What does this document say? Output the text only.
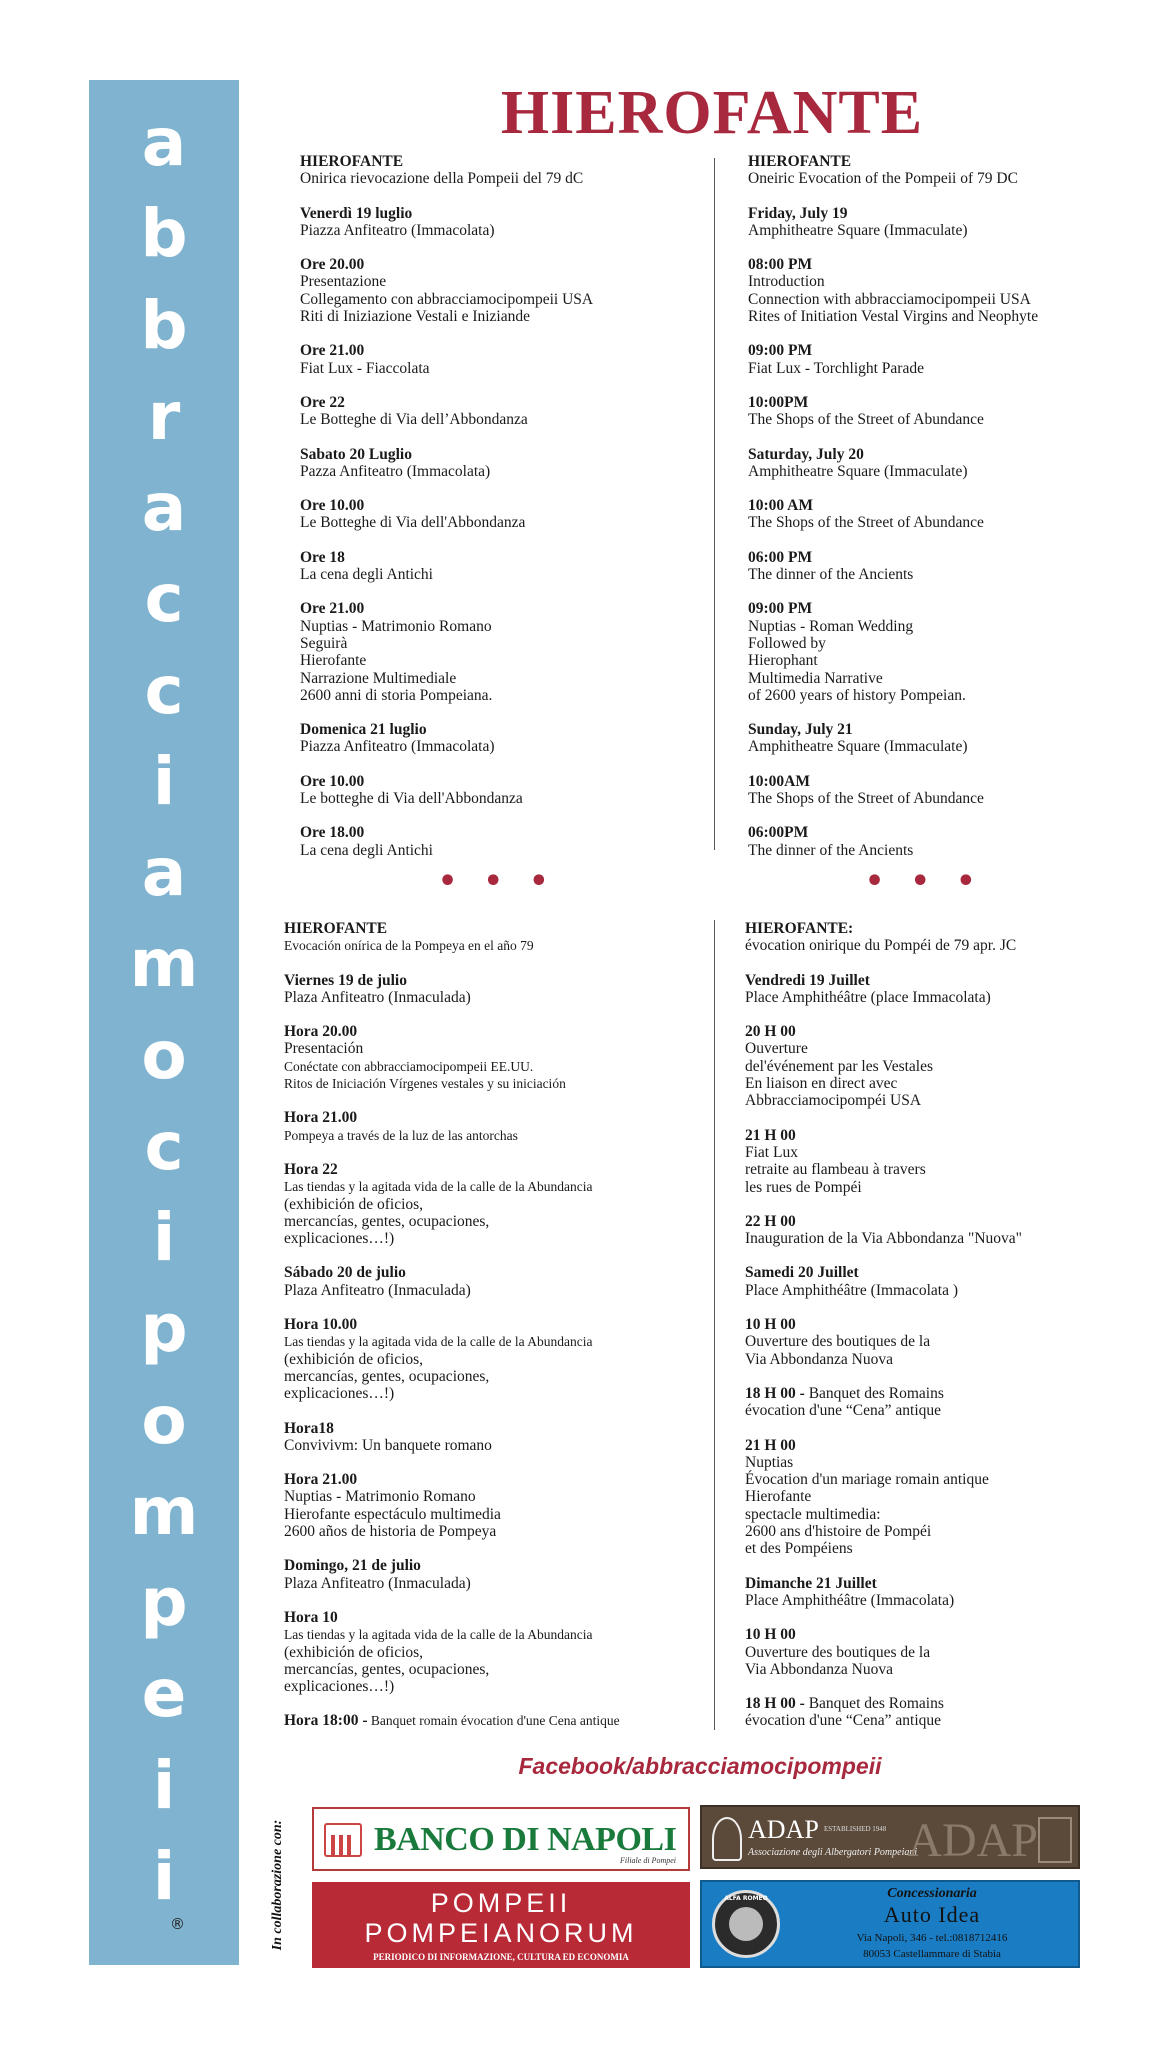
a
b
b
r
a
c
c
i
a
m
o
c
i
p
o
m
p
e
i
i
®
HIEROFANTE
HIEROFANTE
Onirica rievocazione della Pompeii del 79 dC
Venerdì 19 luglio
Piazza Anfiteatro (Immacolata)
Ore 20.00
Presentazione
Collegamento con abbracciamocipompeii USA
Riti di Iniziazione Vestali e Iniziande
Ore 21.00
Fiat Lux - Fiaccolata
Ore 22
Le Botteghe di Via dell’Abbondanza
Sabato 20 Luglio
Pazza Anfiteatro (Immacolata)
Ore 10.00
Le Botteghe di Via dell'Abbondanza
Ore 18
La cena degli Antichi
Ore 21.00
Nuptias - Matrimonio Romano
Seguirà
Hierofante
Narrazione Multimediale
2600 anni di storia Pompeiana.
Domenica 21 luglio
Piazza Anfiteatro (Immacolata)
Ore 10.00
Le botteghe di Via dell'Abbondanza
Ore 18.00
La cena degli Antichi
HIEROFANTE
Oneiric Evocation of the Pompeii of 79 DC
Friday, July 19
Amphitheatre Square (Immaculate)
08:00 PM
Introduction
Connection with abbracciamocipompeii USA
Rites of Initiation Vestal Virgins and Neophyte
09:00 PM
Fiat Lux - Torchlight Parade
10:00PM
The Shops of the Street of Abundance
Saturday, July 20
Amphitheatre Square (Immaculate)
10:00 AM
The Shops of the Street of Abundance
06:00 PM
The dinner of the Ancients
09:00 PM
Nuptias - Roman Wedding
Followed by
Hierophant
Multimedia Narrative
of 2600 years of history Pompeian.
Sunday, July 21
Amphitheatre Square (Immaculate)
10:00AM
The Shops of the Street of Abundance
06:00PM
The dinner of the Ancients
• • •	• • •
HIEROFANTE
Evocación onírica de la Pompeya en el año 79
Viernes 19 de julio
Plaza Anfiteatro (Inmaculada)
Hora 20.00
Presentación
Conéctate con abbracciamocipompeii EE.UU.
Ritos de Iniciación Vírgenes vestales y su iniciación
Hora 21.00
Pompeya a través de la luz de las antorchas
Hora 22
Las tiendas y la agitada vida de la calle de la Abundancia
(exhibición de oficios,
mercancías, gentes, ocupaciones,
explicaciones…!)
Sábado 20 de julio
Plaza Anfiteatro (Inmaculada)
Hora 10.00
Las tiendas y la agitada vida de la calle de la Abundancia
(exhibición de oficios,
mercancías, gentes, ocupaciones,
explicaciones…!)
Hora18
Convivivm: Un banquete romano
Hora 21.00
Nuptias - Matrimonio Romano
Hierofante espectáculo multimedia
2600 años de historia de Pompeya
Domingo, 21 de julio
Plaza Anfiteatro (Inmaculada)
Hora 10
Las tiendas y la agitada vida de la calle de la Abundancia
(exhibición de oficios,
mercancías, gentes, ocupaciones,
explicaciones…!)
Hora 18:00 - Banquet romain évocation d'une Cena antique
HIEROFANTE:
évocation onirique du Pompéi de 79 apr. JC
Vendredi 19 Juillet
Place Amphithéâtre (place Immacolata)
20 H 00
Ouverture
del'événement par les Vestales
En liaison en direct avec
Abbracciamocipompéi USA
21 H 00
Fiat Lux
retraite au flambeau à travers
les rues de Pompéi
22 H 00
Inauguration de la Via Abbondanza "Nuova"
Samedi 20 Juillet
Place Amphithéâtre (Immacolata )
10 H 00
Ouverture des boutiques de la
Via Abbondanza Nuova
18 H 00 - Banquet des Romains
évocation d'une “Cena” antique
21 H 00
Nuptias
Évocation d'un mariage romain antique
Hierofante
spectacle multimedia:
2600 ans d'histoire de Pompéi
et des Pompéiens
Dimanche 21 Juillet
Place Amphithéâtre (Immacolata)
10 H 00
Ouverture des boutiques de la
Via Abbondanza Nuova
18 H 00 - Banquet des Romains
évocation d'une “Cena” antique
Facebook/abbracciamocipompeii
In collaborazione con:	BANCO DI NAPOLI
Filiale di Pompei
ADAP ESTABLISHED 1948
Associazione degli Albergatori Pompeiani
ADAP
POMPEII
POMPEIANORUM
PERIODICO DI INFORMAZIONE, CULTURA ED ECONOMIA
ALFA ROMEO	Concessionaria
Auto Idea
Via Napoli, 346 - tel.:0818712416
80053 Castellammare di Stabia
